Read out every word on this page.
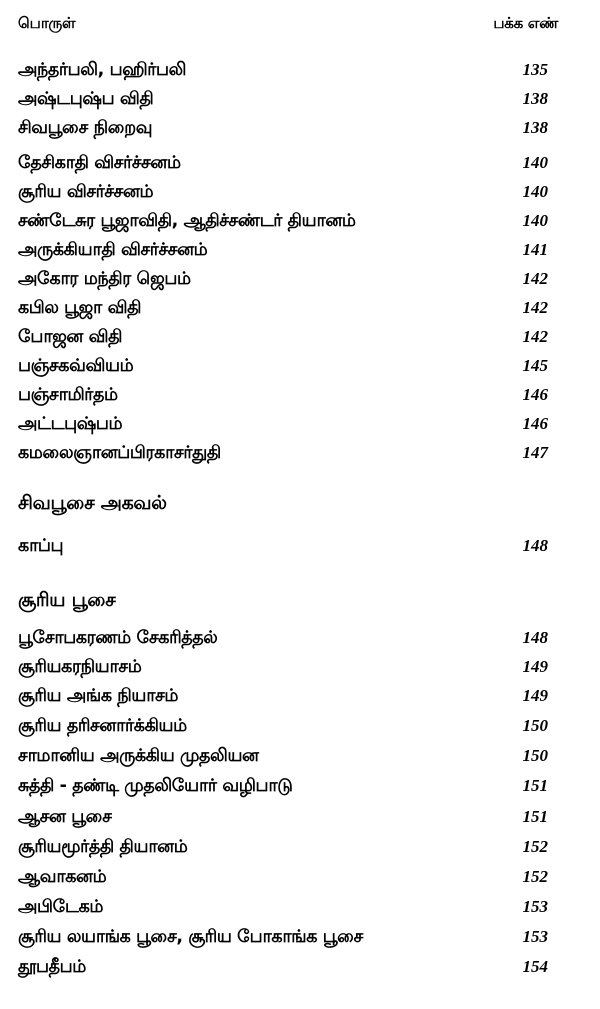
பொருள்	பக்க எண்
அந்தர்பலி, பஹிர்பலி	135
அஷ்டபுஷ்ப விதி	138
சிவபூசை நிறைவு	138
தேசிகாதி விசர்ச்சனம்	140
சூரிய விசர்ச்சனம்	140
சண்டேசுர பூஜாவிதி, ஆதிச்சண்டர் தியானம்	140
அருக்கியாதி விசர்ச்சனம்	141
அகோர மந்திர ஜெபம்	142
கபில பூஜா விதி	142
போஜன விதி	142
பஞ்சகவ்வியம்	145
பஞ்சாமிர்தம்	146
அட்டபுஷ்பம்	146
கமலைஞானப்பிரகாசர்துதி	147
சிவபூசை அகவல்
காப்பு	148
சூரிய பூசை
பூசோபகரணம் சேகரித்தல்	148
சூரியகரநியாசம்	149
சூரிய அங்க நியாசம்	149
சூரிய தரிசனார்க்கியம்	150
சாமானிய அருக்கிய முதலியன	150
சுத்தி - தண்டி முதலியோர் வழிபாடு	151
ஆசன பூசை	151
சூரியமூர்த்தி தியானம்	152
ஆவாகனம்	152
அபிடேகம்	153
சூரிய லயாங்க பூசை, சூரிய போகாங்க பூசை	153
தூபதீபம்	154
